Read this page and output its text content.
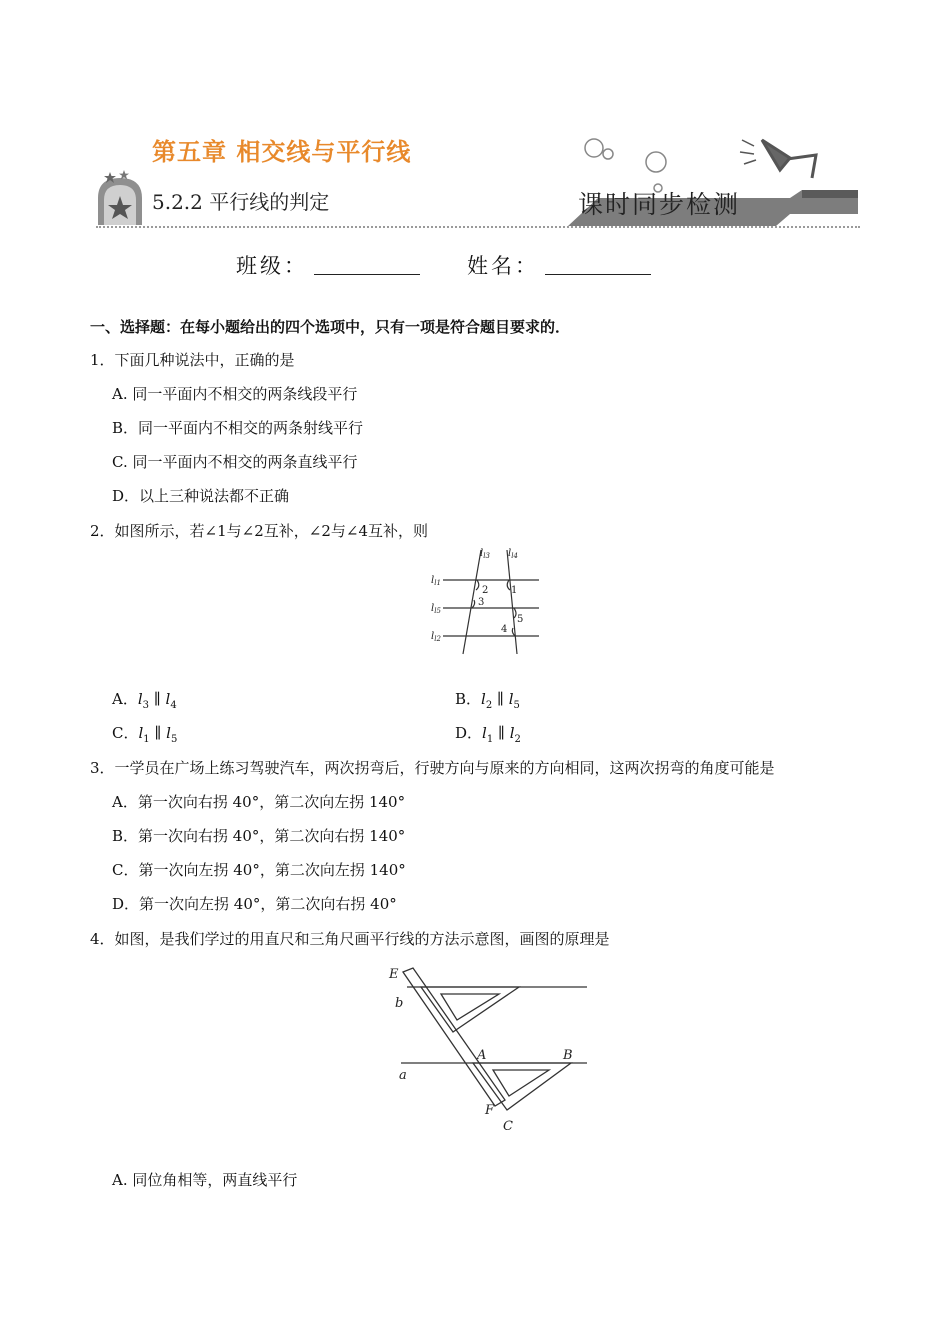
第五章 相交线与平行线
5.2.2 平行线的判定	课时同步检测
班级：	姓名：
一、选择题：在每小题给出的四个选项中，只有一项是符合题目要求的．
1．下面几种说法中，正确的是
A. 同一平面内不相交的两条线段平行
B．同一平面内不相交的两条射线平行
C. 同一平面内不相交的两条直线平行
D．以上三种说法都不正确
2．如图所示，若∠1与∠2互补，∠2与∠4互补，则
$l_{l3}$ $l_{l4}$
$l_{l1}$
$l_{l5}$
$l_{l2}$
2 1
3
5
4
A．$l_3$ ∥ $l_4$	B．$l_2$ ∥ $l_5$
C．$l_1$ ∥ $l_5$	D．$l_1$ ∥ $l_2$
3．一学员在广场上练习驾驶汽车，两次拐弯后，行驶方向与原来的方向相同，这两次拐弯的角度可能是
A．第一次向右拐 40°，第二次向左拐 140°
B．第一次向右拐 40°，第二次向右拐 140°
C．第一次向左拐 40°，第二次向左拐 140°
D．第一次向左拐 40°，第二次向右拐 40°
4．如图，是我们学过的用直尺和三角尺画平行线的方法示意图，画图的原理是
E
b
A	B
a
F
C
A. 同位角相等，两直线平行
